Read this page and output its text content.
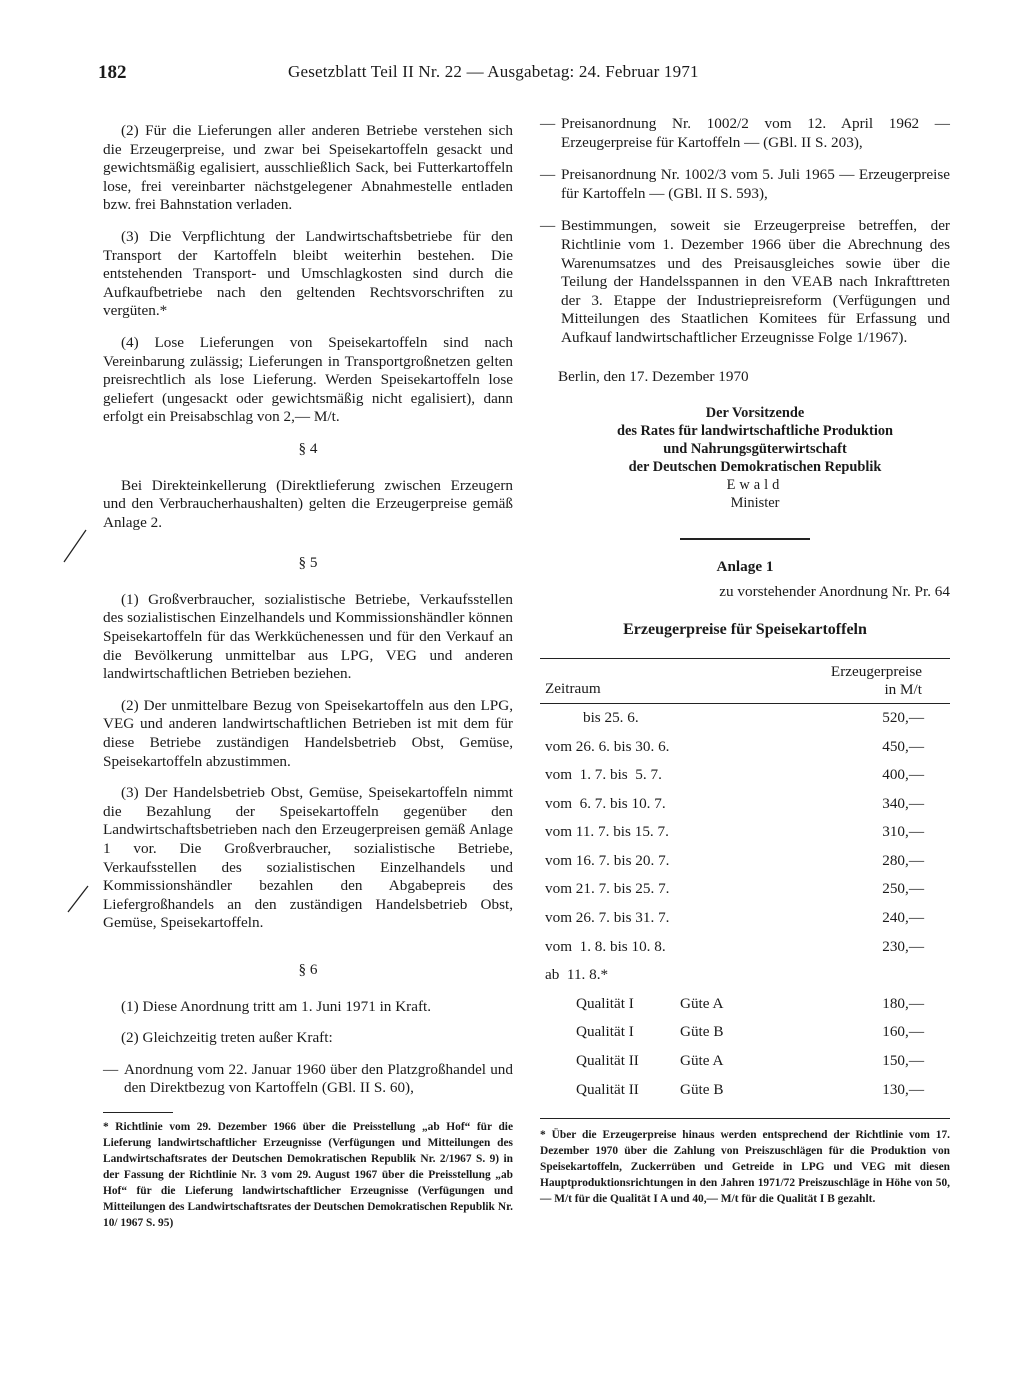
182	Gesetzblatt Teil II Nr. 22 — Ausgabetag: 24. Februar 1971

(2) Für die Lieferungen aller anderen Betriebe verstehen sich die Erzeugerpreise, und zwar bei Speisekartoffeln gesackt und gewichtsmäßig egalisiert, ausschließlich Sack, bei Futterkartoffeln lose, frei vereinbarter nächstgelegener Abnahmestelle entladen bzw. frei Bahnstation verladen.

(3) Die Verpflichtung der Landwirtschaftsbetriebe für den Transport der Kartoffeln bleibt weiterhin bestehen. Die entstehenden Transport- und Umschlagkosten sind durch die Aufkaufbetriebe nach den geltenden Rechtsvorschriften zu vergüten.*

(4) Lose Lieferungen von Speisekartoffeln sind nach Vereinbarung zulässig; Lieferungen in Transportgroßnetzen gelten preisrechtlich als lose Lieferung. Werden Speisekartoffeln lose geliefert (ungesackt oder gewichtsmäßig nicht egalisiert), dann erfolgt ein Preisabschlag von 2,— M/t.

§ 4

Bei Direkteinkellerung (Direktlieferung zwischen Erzeugern und den Verbraucherhaushalten) gelten die Erzeugerpreise gemäß Anlage 2.

§ 5

(1) Großverbraucher, sozialistische Betriebe, Verkaufsstellen des sozialistischen Einzelhandels und Kommissionshändler können Speisekartoffeln für das Werkküchenessen und für den Verkauf an die Bevölkerung unmittelbar aus LPG, VEG und anderen landwirtschaftlichen Betrieben beziehen.

(2) Der unmittelbare Bezug von Speisekartoffeln aus den LPG, VEG und anderen landwirtschaftlichen Betrieben ist mit dem für diese Betriebe zuständigen Handelsbetrieb Obst, Gemüse, Speisekartoffeln abzustimmen.

(3) Der Handelsbetrieb Obst, Gemüse, Speisekartoffeln nimmt die Bezahlung der Speisekartoffeln gegenüber den Landwirtschaftsbetrieben nach den Erzeugerpreisen gemäß Anlage 1 vor. Die Großverbraucher, sozialistische Betriebe, Verkaufsstellen des sozialistischen Einzelhandels und Kommissionshändler bezahlen den Abgabepreis des Liefergroßhandels an den zuständigen Handelsbetrieb Obst, Gemüse, Speisekartoffeln.

§ 6

(1) Diese Anordnung tritt am 1. Juni 1971 in Kraft.

(2) Gleichzeitig treten außer Kraft:

— Anordnung vom 22. Januar 1960 über den Platzgroßhandel und den Direktbezug von Kartoffeln (GBl. II S. 60),

* Richtlinie vom 29. Dezember 1966 über die Preisstellung „ab Hof“ für die Lieferung landwirtschaftlicher Erzeugnisse (Verfügungen und Mitteilungen des Landwirtschaftsrates der Deutschen Demokratischen Republik Nr. 2/1967 S. 9) in der Fassung der Richtlinie Nr. 3 vom 29. August 1967 über die Preisstellung „ab Hof“ für die Lieferung landwirtschaftlicher Erzeugnisse (Verfügungen und Mitteilungen des Landwirtschaftsrates der Deutschen Demokratischen Republik Nr. 10/ 1967 S. 95)

— Preisanordnung Nr. 1002/2 vom 12. April 1962 — Erzeugerpreise für Kartoffeln — (GBl. II S. 203),
— Preisanordnung Nr. 1002/3 vom 5. Juli 1965 — Erzeugerpreise für Kartoffeln — (GBl. II S. 593),
— Bestimmungen, soweit sie Erzeugerpreise betreffen, der Richtlinie vom 1. Dezember 1966 über die Abrechnung des Warenumsatzes und des Preisausgleiches sowie über die Teilung der Handelsspannen in den VEAB nach Inkrafttreten der 3. Etappe der Industriepreisreform (Verfügungen und Mitteilungen des Staatlichen Komitees für Erfassung und Aufkauf landwirtschaftlicher Erzeugnisse Folge 1/1967).

Berlin, den 17. Dezember 1970

Der Vorsitzende
des Rates für landwirtschaftliche Produktion
und Nahrungsgüterwirtschaft
der Deutschen Demokratischen Republik
Ewald
Minister

Anlage 1

zu vorstehender Anordnung Nr. Pr. 64

Erzeugerpreise für Speisekartoffeln

Zeitraum	Erzeugerpreise
in M/t	

bis 25. 6.		520,—
vom 26. 6. bis 30. 6.		450,—
vom  1. 7. bis  5. 7.		400,—
vom  6. 7. bis 10. 7.		340,—
vom 11. 7. bis 15. 7.		310,—
vom 16. 7. bis 20. 7.		280,—
vom 21. 7. bis 25. 7.		250,—
vom 26. 7. bis 31. 7.		240,—
vom  1. 8. bis 10. 8.		230,—
ab  11. 8.*		
Qualität I	Güte A	180,—
Qualität I	Güte B	160,—
Qualität II	Güte A	150,—
Qualität II	Güte B	130,—

* Über die Erzeugerpreise hinaus werden entsprechend der Richtlinie vom 17. Dezember 1970 über die Zahlung von Preiszuschlägen für die Produktion von Speisekartoffeln, Zuckerrüben und Getreide in LPG und VEG mit diesen Hauptproduktionsrichtungen in den Jahren 1971/72 Preiszuschläge in Höhe von 50,— M/t für die Qualität I A und 40,— M/t für die Qualität I B gezahlt.
